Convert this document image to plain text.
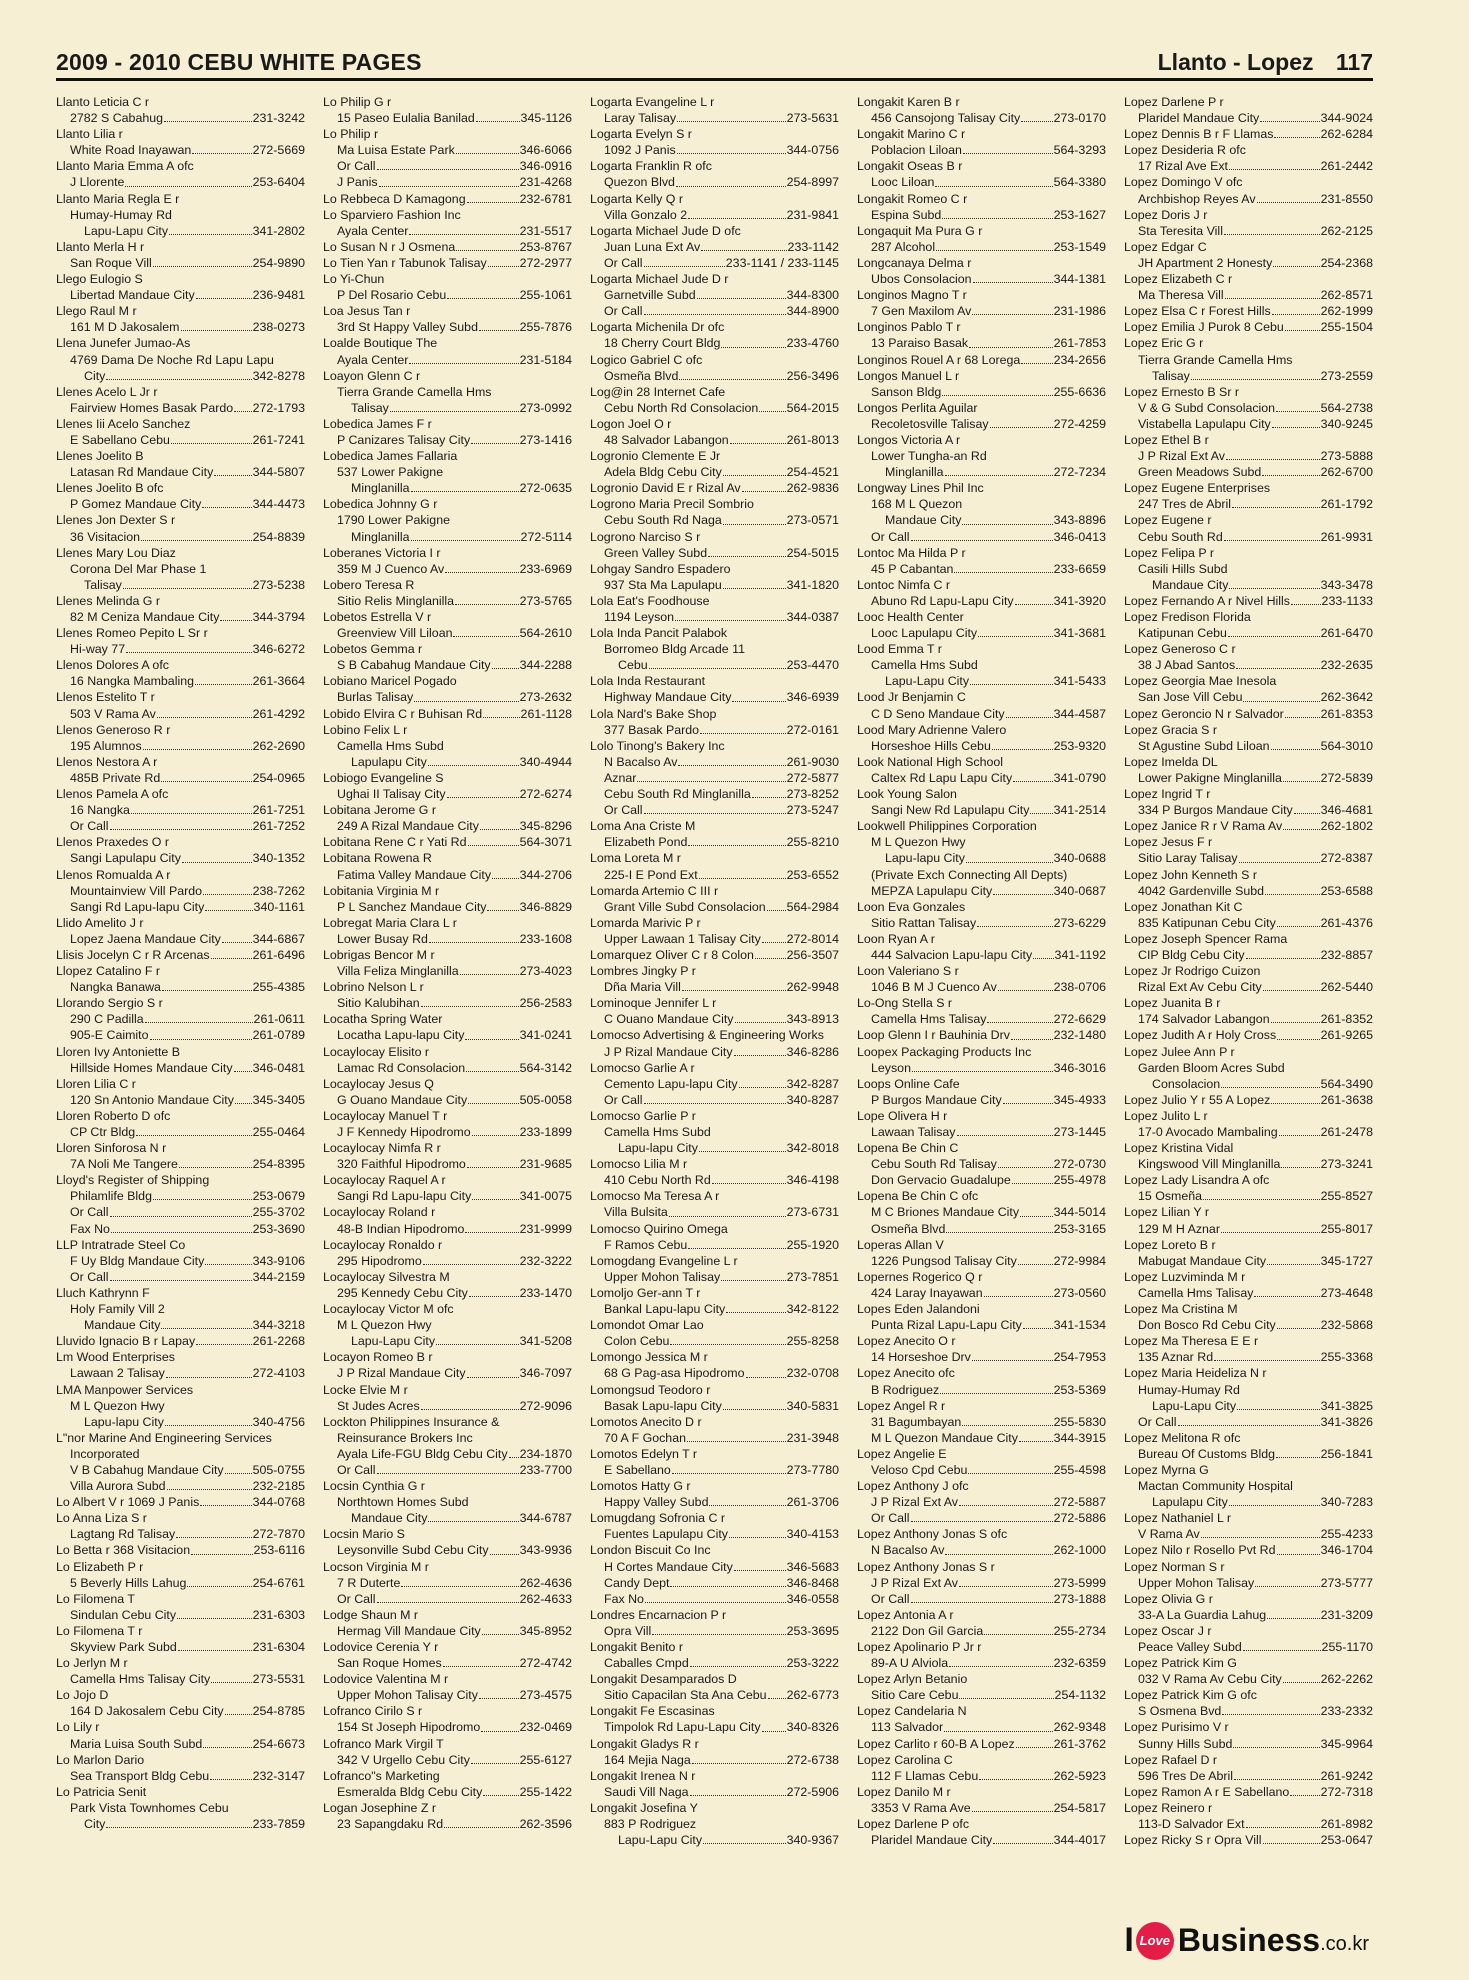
2009 - 2010 CEBU WHITE PAGES	Llanto - Lopez 117
Llanto Leticia C r
2782 S Cabahug	231-3242
Llanto Lilia r
White Road Inayawan	272-5669
Llanto Maria Emma A ofc
J Llorente	253-6404
Llanto Maria Regla E r
Humay-Humay Rd
Lapu-Lapu City	341-2802
Llanto Merla H r
San Roque Vill	254-9890
Llego Eulogio S
Libertad Mandaue City	236-9481
Llego Raul M r
161 M D Jakosalem	238-0273
Llena Junefer Jumao-As
4769 Dama De Noche Rd Lapu Lapu
City	342-8278
Llenes Acelo L Jr r
Fairview Homes Basak Pardo 272-1793
Llenes Iii Acelo Sanchez
E Sabellano Cebu	261-7241
Llenes Joelito B
Latasan Rd Mandaue City	344-5807
Llenes Joelito B ofc
P Gomez Mandaue City	344-4473
Llenes Jon Dexter S r
36 Visitacion	254-8839
Llenes Mary Lou Diaz
Corona Del Mar Phase 1
Talisay	273-5238
Llenes Melinda G r
82 M Ceniza Mandaue City	344-3794
Llenes Romeo Pepito L Sr r
Hi-way 77	346-6272
Llenos Dolores A ofc
16 Nangka Mambaling	261-3664
Llenos Estelito T r
503 V Rama Av	261-4292
Llenos Generoso R r
195 Alumnos	262-2690
Llenos Nestora A r
485B Private Rd	254-0965
Llenos Pamela A ofc
16 Nangka	261-7251
Or Call	261-7252
Llenos Praxedes O r
Sangi Lapulapu City	340-1352
Llenos Romualda A r
Mountainview Vill Pardo	238-7262
Sangi Rd Lapu-lapu City	340-1161
Llido Amelito J r
Lopez Jaena Mandaue City	344-6867
Llisis Jocelyn C r R Arcenas	261-6496
Llopez Catalino F r
Nangka Banawa	255-4385
Llorando Sergio S r
290 C Padilla	261-0611
905-E Caimito	261-0789
Lloren Ivy Antoniette B
Hillside Homes Mandaue City 346-0481
Lloren Lilia C r
120 Sn Antonio Mandaue City 345-3405
Lloren Roberto D ofc
CP Ctr Bldg	255-0464
Lloren Sinforosa N r
7A Noli Me Tangere	254-8395
Lloyd's Register of Shipping
Philamlife Bldg	253-0679
Or Call	255-3702
Fax No	253-3690
LLP Intratrade Steel Co
F Uy Bldg Mandaue City	343-9106
Or Call	344-2159
Lluch Kathrynn F
Holy Family Vill 2
Mandaue City	344-3218
Lluvido Ignacio B r Lapay	261-2268
Lm Wood Enterprises
Lawaan 2 Talisay	272-4103
LMA Manpower Services
M L Quezon Hwy
Lapu-lapu City	340-4756
L"nor Marine And Engineering Services
Incorporated
V B Cabahug Mandaue City 505-0755
Villa Aurora Subd	232-2185
Lo Albert V r 1069 J Panis	344-0768
Lo Anna Liza S r
Lagtang Rd Talisay	272-7870
Lo Betta r 368 Visitacion	253-6116
Lo Elizabeth P r
5 Beverly Hills Lahug	254-6761
Lo Filomena T
Sindulan Cebu City	231-6303
Lo Filomena T r
Skyview Park Subd	231-6304
Lo Jerlyn M r
Camella Hms Talisay City	273-5531
Lo Jojo D
164 D Jakosalem Cebu City 254-8785
Lo Lily r
Maria Luisa South Subd	254-6673
Lo Marlon Dario
Sea Transport Bldg Cebu	232-3147
Lo Patricia Senit
Park Vista Townhomes Cebu
City	233-7859
Lo Philip G r
15 Paseo Eulalia Banilad	345-1126
Lo Philip r
Ma Luisa Estate Park	346-6066
Or Call	346-0916
J Panis	231-4268
Lo Rebbeca D Kamagong	232-6781
Lo Sparviero Fashion Inc
Ayala Center	231-5517
Lo Susan N r J Osmena	253-8767
Lo Tien Yan r Tabunok Talisay	272-2977
Lo Yi-Chun
P Del Rosario Cebu	255-1061
Loa Jesus Tan r
3rd St Happy Valley Subd	255-7876
Loalde Boutique The
Ayala Center	231-5184
Loayon Glenn C r
Tierra Grande Camella Hms
Talisay	273-0992
Lobedica James F r
P Canizares Talisay City	273-1416
Lobedica James Fallaria
537 Lower Pakigne
Minglanilla	272-0635
Lobedica Johnny G r
1790 Lower Pakigne
Minglanilla	272-5114
Loberanes Victoria I r
359 M J Cuenco Av	233-6969
Lobero Teresa R
Sitio Relis Minglanilla	273-5765
Lobetos Estrella V r
Greenview Vill Liloan	564-2610
Lobetos Gemma r
S B Cabahug Mandaue City 344-2288
Lobiano Maricel Pogado
Burlas Talisay	273-2632
Lobido Elvira C r Buhisan Rd	261-1128
Lobino Felix L r
Camella Hms Subd
Lapulapu City	340-4944
Lobiogo Evangeline S
Ughai II Talisay City	272-6274
Lobitana Jerome G r
249 A Rizal Mandaue City	345-8296
Lobitana Rene C r Yati Rd	564-3071
Lobitana Rowena R
Fatima Valley Mandaue City 344-2706
Lobitania Virginia M r
P L Sanchez Mandaue City	346-8829
Lobregat Maria Clara L r
Lower Busay Rd	233-1608
Lobrigas Bencor M r
Villa Feliza Minglanilla	273-4023
Lobrino Nelson L r
Sitio Kalubihan	256-2583
Locatha Spring Water
Locatha Lapu-lapu City	341-0241
Locaylocay Elisito r
Lamac Rd Consolacion	564-3142
Locaylocay Jesus Q
G Ouano Mandaue City	505-0058
Locaylocay Manuel T r
J F Kennedy Hipodromo	233-1899
Locaylocay Nimfa R r
320 Faithful Hipodromo	231-9685
Locaylocay Raquel A r
Sangi Rd Lapu-lapu City	341-0075
Locaylocay Roland r
48-B Indian Hipodromo	231-9999
Locaylocay Ronaldo r
295 Hipodromo	232-3222
Locaylocay Silvestra M
295 Kennedy Cebu City	233-1470
Locaylocay Victor M ofc
M L Quezon Hwy
Lapu-Lapu City	341-5208
Locayon Romeo B r
J P Rizal Mandaue City	346-7097
Locke Elvie M r
St Judes Acres	272-9096
Lockton Philippines Insurance &
Reinsurance Brokers Inc
Ayala Life-FGU Bldg Cebu City 234-1870
Or Call	233-7700
Locsin Cynthia G r
Northtown Homes Subd
Mandaue City	344-6787
Locsin Mario S
Leysonville Subd Cebu City	343-9936
Locson Virginia M r
7 R Duterte	262-4636
Or Call	262-4633
Lodge Shaun M r
Hermag Vill Mandaue City	345-8952
Lodovice Cerenia Y r
San Roque Homes	272-4742
Lodovice Valentina M r
Upper Mohon Talisay City	273-4575
Lofranco Cirilo S r
154 St Joseph Hipodromo	232-0469
Lofranco Mark Virgil T
342 V Urgello Cebu City	255-6127
Lofranco"s Marketing
Esmeralda Bldg Cebu City	255-1422
Logan Josephine Z r
23 Sapangdaku Rd	262-3596
Logarta Evangeline L r
Laray Talisay	273-5631
Logarta Evelyn S r
1092 J Panis	344-0756
Logarta Franklin R ofc
Quezon Blvd	254-8997
Logarta Kelly Q r
Villa Gonzalo 2	231-9841
Logarta Michael Jude D ofc
Juan Luna Ext Av	233-1142
Or Call	233-1141 / 233-1145
Logarta Michael Jude D r
Garnetville Subd	344-8300
Or Call	344-8900
Logarta Michenila Dr ofc
18 Cherry Court Bldg	233-4760
Logico Gabriel C ofc
Osmeña Blvd	256-3496
Log@in 28 Internet Cafe
Cebu North Rd Consolacion 564-2015
Logon Joel O r
48 Salvador Labangon	261-8013
Logronio Clemente E Jr
Adela Bldg Cebu City	254-4521
Logronio David E r Rizal Av	262-9836
Logrono Maria Precil Sombrio
Cebu South Rd Naga	273-0571
Logrono Narciso S r
Green Valley Subd	254-5015
Lohgay Sandro Espadero
937 Sta Ma Lapulapu	341-1820
Lola Eat's Foodhouse
1194 Leyson	344-0387
Lola Inda Pancit Palabok
Borromeo Bldg Arcade 11
Cebu	253-4470
Lola Inda Restaurant
Highway Mandaue City	346-6939
Lola Nard's Bake Shop
377 Basak Pardo	272-0161
Lolo Tinong's Bakery Inc
N Bacalso Av	261-9030
Aznar	272-5877
Cebu South Rd Minglanilla	273-8252
Or Call	273-5247
Loma Ana Criste M
Elizabeth Pond	255-8210
Loma Loreta M r
225-I E Pond Ext	253-6552
Lomarda Artemio C III r
Grant Ville Subd Consolacion 564-2984
Lomarda Marivic P r
Upper Lawaan 1 Talisay City 272-8014
Lomarquez Oliver C r 8 Colon	256-3507
Lombres Jingky P r
Dña Maria Vill	262-9948
Lominoque Jennifer L r
C Ouano Mandaue City	343-8913
Lomocso Advertising & Engineering Works
J P Rizal Mandaue City	346-8286
Lomocso Garlie A r
Cemento Lapu-lapu City	342-8287
Or Call	340-8287
Lomocso Garlie P r
Camella Hms Subd
Lapu-lapu City	342-8018
Lomocso Lilia M r
410 Cebu North Rd	346-4198
Lomocso Ma Teresa A r
Villa Bulsita	273-6731
Lomocso Quirino Omega
F Ramos Cebu	255-1920
Lomogdang Evangeline L r
Upper Mohon Talisay	273-7851
Lomoljo Ger-ann T r
Bankal Lapu-lapu City	342-8122
Lomondot Omar Lao
Colon Cebu	255-8258
Lomongo Jessica M r
68 G Pag-asa Hipodromo	232-0708
Lomongsud Teodoro r
Basak Lapu-lapu City	340-5831
Lomotos Anecito D r
70 A F Gochan	231-3948
Lomotos Edelyn T r
E Sabellano	273-7780
Lomotos Hatty G r
Happy Valley Subd	261-3706
Lomugdang Sofronia C r
Fuentes Lapulapu City	340-4153
London Biscuit Co Inc
H Cortes Mandaue City	346-5683
Candy Dept	346-8468
Fax No	346-0558
Londres Encarnacion P r
Opra Vill	253-3695
Longakit Benito r
Caballes Cmpd	253-3222
Longakit Desamparados D
Sitio Capacilan Sta Ana Cebu 262-6773
Longakit Fe Escasinas
Timpolok Rd Lapu-Lapu City 340-8326
Longakit Gladys R r
164 Mejia Naga	272-6738
Longakit Irenea N r
Saudi Vill Naga	272-5906
Longakit Josefina Y
883 P Rodriguez
Lapu-Lapu City	340-9367
Longakit Karen B r
456 Cansojong Talisay City	273-0170
Longakit Marino C r
Poblacion Liloan	564-3293
Longakit Oseas B r
Looc Liloan	564-3380
Longakit Romeo C r
Espina Subd	253-1627
Longaquit Ma Pura G r
287 Alcohol	253-1549
Longcanaya Delma r
Ubos Consolacion	344-1381
Longinos Magno T r
7 Gen Maxilom Av	231-1986
Longinos Pablo T r
13 Paraiso Basak	261-7853
Longinos Rouel A r 68 Lorega	234-2656
Longos Manuel L r
Sanson Bldg	255-6636
Longos Perlita Aguilar
Recoletosville Talisay	272-4259
Longos Victoria A r
Lower Tungha-an Rd
Minglanilla	272-7234
Longway Lines Phil Inc
168 M L Quezon
Mandaue City	343-8896
Or Call	346-0413
Lontoc Ma Hilda P r
45 P Cabantan	233-6659
Lontoc Nimfa C r
Abuno Rd Lapu-Lapu City	341-3920
Looc Health Center
Looc Lapulapu City	341-3681
Lood Emma T r
Camella Hms Subd
Lapu-Lapu City	341-5433
Lood Jr Benjamin C
C D Seno Mandaue City	344-4587
Lood Mary Adrienne Valero
Horseshoe Hills Cebu	253-9320
Look National High School
Caltex Rd Lapu Lapu City	341-0790
Look Young Salon
Sangi New Rd Lapulapu City 341-2514
Lookwell Philippines Corporation
M L Quezon Hwy
Lapu-lapu City	340-0688
(Private Exch Connecting All Depts)
MEPZA Lapulapu City	340-0687
Loon Eva Gonzales
Sitio Rattan Talisay	273-6229
Loon Ryan A r
444 Salvacion Lapu-lapu City 341-1192
Loon Valeriano S r
1046 B M J Cuenco Av	238-0706
Lo-Ong Stella S r
Camella Hms Talisay	272-6629
Loop Glenn I r Bauhinia Drv	232-1480
Loopex Packaging Products Inc
Leyson	346-3016
Loops Online Cafe
P Burgos Mandaue City	345-4933
Lope Olivera H r
Lawaan Talisay	273-1445
Lopena Be Chin C
Cebu South Rd Talisay	272-0730
Don Gervacio Guadalupe	255-4978
Lopena Be Chin C ofc
M C Briones Mandaue City	344-5014
Osmeña Blvd	253-3165
Loperas Allan V
1226 Pungsod Talisay City	272-9984
Lopernes Rogerico Q r
424 Laray Inayawan	273-0560
Lopes Eden Jalandoni
Punta Rizal Lapu-Lapu City	341-1534
Lopez Anecito O r
14 Horseshoe Drv	254-7953
Lopez Anecito ofc
B Rodriguez	253-5369
Lopez Angel R r
31 Bagumbayan	255-5830
M L Quezon Mandaue City	344-3915
Lopez Angelie E
Veloso Cpd Cebu	255-4598
Lopez Anthony J ofc
J P Rizal Ext Av	272-5887
Or Call	272-5886
Lopez Anthony Jonas S ofc
N Bacalso Av	262-1000
Lopez Anthony Jonas S r
J P Rizal Ext Av	273-5999
Or Call	273-1888
Lopez Antonia A r
2122 Don Gil Garcia	255-2734
Lopez Apolinario P Jr r
89-A U Alviola	232-6359
Lopez Arlyn Betanio
Sitio Care Cebu	254-1132
Lopez Candelaria N
113 Salvador	262-9348
Lopez Carlito r 60-B A Lopez	261-3762
Lopez Carolina C
112 F Llamas Cebu	262-5923
Lopez Danilo M r
3353 V Rama Ave	254-5817
Lopez Darlene P ofc
Plaridel Mandaue City	344-4017
Lopez Darlene P r
Plaridel Mandaue City	344-9024
Lopez Dennis B r F Llamas	262-6284
Lopez Desideria R ofc
17 Rizal Ave Ext	261-2442
Lopez Domingo V ofc
Archbishop Reyes Av	231-8550
Lopez Doris J r
Sta Teresita Vill	262-2125
Lopez Edgar C
JH Apartment 2 Honesty	254-2368
Lopez Elizabeth C r
Ma Theresa Vill	262-8571
Lopez Elsa C r Forest Hills	262-1999
Lopez Emilia J Purok 8 Cebu	255-1504
Lopez Eric G r
Tierra Grande Camella Hms
Talisay	273-2559
Lopez Ernesto B Sr r
V & G Subd Consolacion	564-2738
Vistabella Lapulapu City	340-9245
Lopez Ethel B r
J P Rizal Ext Av	273-5888
Green Meadows Subd	262-6700
Lopez Eugene Enterprises
247 Tres de Abril	261-1792
Lopez Eugene r
Cebu South Rd	261-9931
Lopez Felipa P r
Casili Hills Subd
Mandaue City	343-3478
Lopez Fernando A r Nivel Hills	233-1133
Lopez Fredison Florida
Katipunan Cebu	261-6470
Lopez Generoso C r
38 J Abad Santos	232-2635
Lopez Georgia Mae Inesola
San Jose Vill Cebu	262-3642
Lopez Geroncio N r Salvador	261-8353
Lopez Gracia S r
St Agustine Subd Liloan	564-3010
Lopez Imelda DL
Lower Pakigne Minglanilla	272-5839
Lopez Ingrid T r
334 P Burgos Mandaue City 346-4681
Lopez Janice R r V Rama Av	262-1802
Lopez Jesus F r
Sitio Laray Talisay	272-8387
Lopez John Kenneth S r
4042 Gardenville Subd	253-6588
Lopez Jonathan Kit C
835 Katipunan Cebu City	261-4376
Lopez Joseph Spencer Rama
CIP Bldg Cebu City	232-8857
Lopez Jr Rodrigo Cuizon
Rizal Ext Av Cebu City	262-5440
Lopez Juanita B r
174 Salvador Labangon	261-8352
Lopez Judith A r Holy Cross	261-9265
Lopez Julee Ann P r
Garden Bloom Acres Subd
Consolacion	564-3490
Lopez Julio Y r 55 A Lopez	261-3638
Lopez Julito L r
17-0 Avocado Mambaling	261-2478
Lopez Kristina Vidal
Kingswood Vill Minglanilla	273-3241
Lopez Lady Lisandra A ofc
15 Osmeña	255-8527
Lopez Lilian Y r
129 M H Aznar	255-8017
Lopez Loreto B r
Mabugat Mandaue City	345-1727
Lopez Luzviminda M r
Camella Hms Talisay	273-4648
Lopez Ma Cristina M
Don Bosco Rd Cebu City	232-5868
Lopez Ma Theresa E E r
135 Aznar Rd	255-3368
Lopez Maria Heideliza N r
Humay-Humay Rd
Lapu-Lapu City	341-3825
Or Call	341-3826
Lopez Melitona R ofc
Bureau Of Customs Bldg	256-1841
Lopez Myrna G
Mactan Community Hospital
Lapulapu City	340-7283
Lopez Nathaniel L r
V Rama Av	255-4233
Lopez Nilo r Rosello Pvt Rd	346-1704
Lopez Norman S r
Upper Mohon Talisay	273-5777
Lopez Olivia G r
33-A La Guardia Lahug	231-3209
Lopez Oscar J r
Peace Valley Subd	255-1170
Lopez Patrick Kim G
032 V Rama Av Cebu City	262-2262
Lopez Patrick Kim G ofc
S Osmena Bvd	233-2332
Lopez Purisimo V r
Sunny Hills Subd	345-9964
Lopez Rafael D r
596 Tres De Abril	261-9242
Lopez Ramon A r E Sabellano	272-7318
Lopez Reinero r
113-D Salvador Ext	261-8982
Lopez Ricky S r Opra Vill	253-0647
I Love Business .co.kr
